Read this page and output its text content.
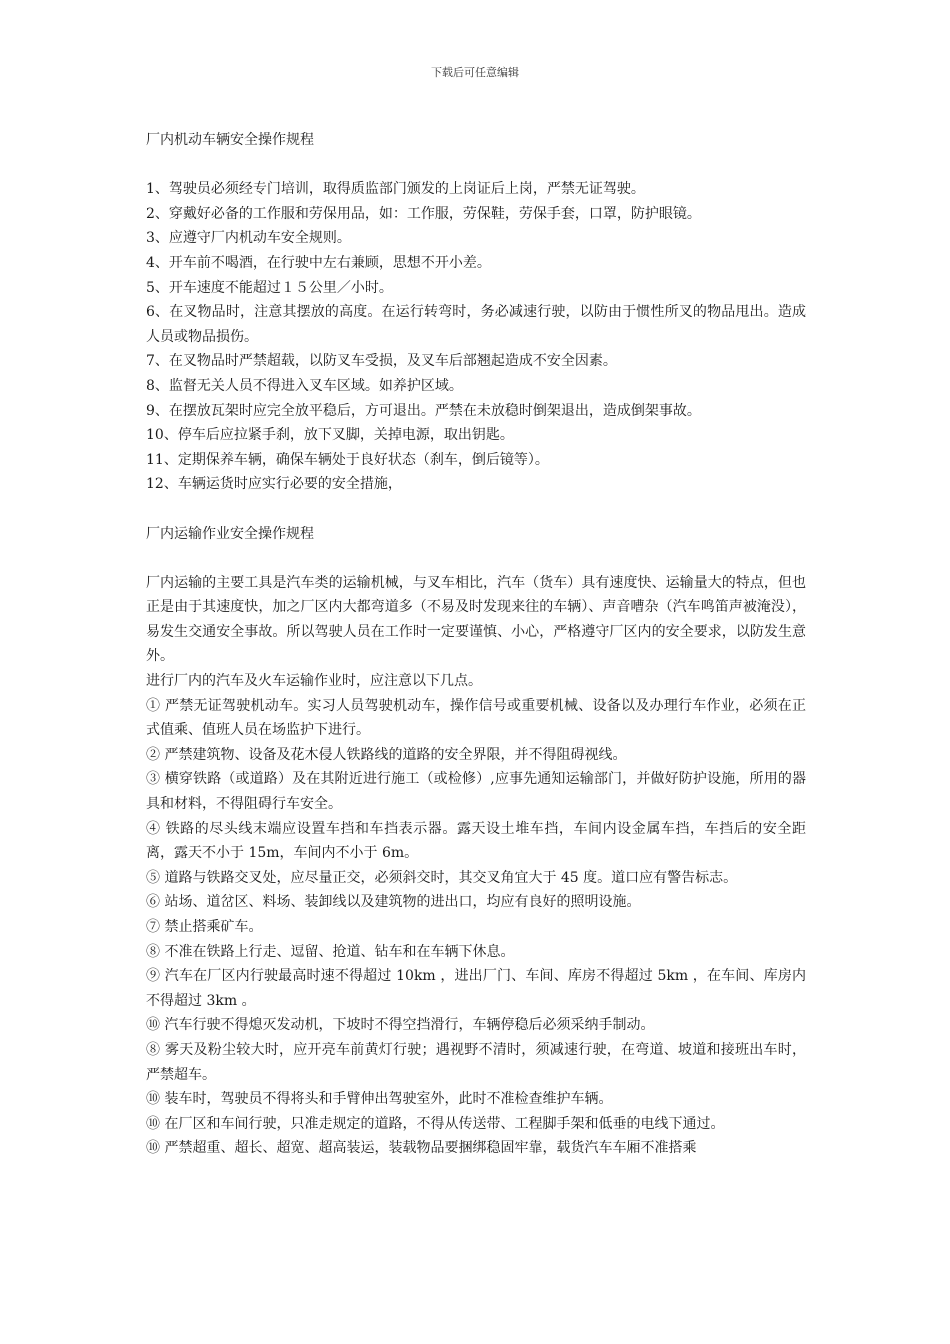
下载后可任意编辑

厂内机动车辆安全操作规程

1、驾驶员必须经专门培训，取得质监部门颁发的上岗证后上岗，严禁无证驾驶。

2、穿戴好必备的工作服和劳保用品，如：工作服，劳保鞋，劳保手套，口罩，防护眼镜。

3、应遵守厂内机动车安全规则。

4、开车前不喝酒，在行驶中左右兼顾，思想不开小差。

5、开车速度不能超过１５公里／小时。

6、在叉物品时，注意其摆放的高度。在运行转弯时，务必减速行驶，以防由于惯性所叉的物品甩出。造成人员或物品损伤。

7、在叉物品时严禁超载，以防叉车受损，及叉车后部翘起造成不安全因素。

8、监督无关人员不得进入叉车区域。如养护区域。

9、在摆放瓦架时应完全放平稳后，方可退出。严禁在未放稳时倒架退出，造成倒架事故。

10、停车后应拉紧手刹，放下叉脚，关掉电源，取出钥匙。

11、定期保养车辆，确保车辆处于良好状态（刹车，倒后镜等）。

12、车辆运货时应实行必要的安全措施，

厂内运输作业安全操作规程

厂内运输的主要工具是汽车类的运输机械，与叉车相比，汽车（货车）具有速度快、运输量大的特点，但也正是由于其速度快，加之厂区内大都弯道多（不易及时发现来往的车辆）、声音嘈杂（汽车鸣笛声被淹没），易发生交通安全事故。所以驾驶人员在工作时一定要谨慎、小心，严格遵守厂区内的安全要求，以防发生意外。

进行厂内的汽车及火车运输作业时，应注意以下几点。

① 严禁无证驾驶机动车。实习人员驾驶机动车，操作信号或重要机械、设备以及办理行车作业，必须在正式值乘、值班人员在场监护下进行。

② 严禁建筑物、设备及花木侵人铁路线的道路的安全界限，并不得阻碍视线。

③ 横穿铁路（或道路）及在其附近进行施工（或检修）,应事先通知运输部门，并做好防护设施，所用的器具和材料，不得阻碍行车安全。

④ 铁路的尽头线末端应设置车挡和车挡表示器。露天设土堆车挡，车间内设金属车挡，车挡后的安全距离，露天不小于 15m，车间内不小于 6m。

⑤ 道路与铁路交叉处，应尽量正交，必须斜交时，其交叉角宜大于 45 度。道口应有警告标志。

⑥ 站场、道岔区、料场、装卸线以及建筑物的进出口，均应有良好的照明设施。

⑦ 禁止搭乘矿车。

⑧ 不准在铁路上行走、逗留、抢道、钻车和在车辆下休息。

⑨ 汽车在厂区内行驶最高时速不得超过 10km ，进出厂门、车间、库房不得超过 5km ，在车间、库房内不得超过 3km 。

⑩ 汽车行驶不得熄灭发动机，下坡时不得空挡滑行，车辆停稳后必须采纳手制动。

⑧ 雾天及粉尘较大时，应开亮车前黄灯行驶；遇视野不清时，须减速行驶，在弯道、坡道和接班出车时，严禁超车。

⑩ 装车时，驾驶员不得将头和手臂伸出驾驶室外，此时不准检查维护车辆。

⑩ 在厂区和车间行驶，只准走规定的道路，不得从传送带、工程脚手架和低垂的电线下通过。

⑩ 严禁超重、超长、超宽、超高装运，装载物品要捆绑稳固牢靠，载货汽车车厢不准搭乘
